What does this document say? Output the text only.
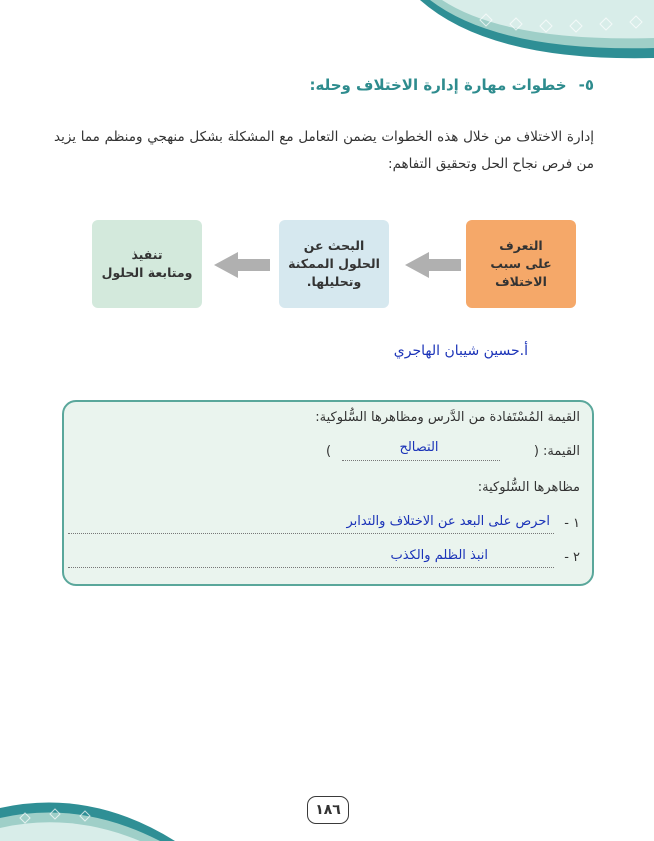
٥-خطوات مهارة إدارة الاختلاف وحله:
إدارة الاختلاف من خلال هذه الخطوات يضمن التعامل مع المشكلة بشكل منهجي ومنظم مما يزيد من فرص نجاح الحل وتحقيق التفاهم:
التعرف
على سبب
الاختلاف
البحث عن
الحلول الممكنة
وتحليلها.
تنفيذ
ومتابعة الحلول
أ.حسين شيبان الهاجري
القيمة المُسْتَفادة من الدَّرس ومظاهرها السُّلوكية:
القيمة: (
التصالح
)
مظاهرها السُّلوكية:
١ -
احرص على البعد عن الاختلاف والتدابر
٢ -
انبذ الظلم والكذب
١٨٦
